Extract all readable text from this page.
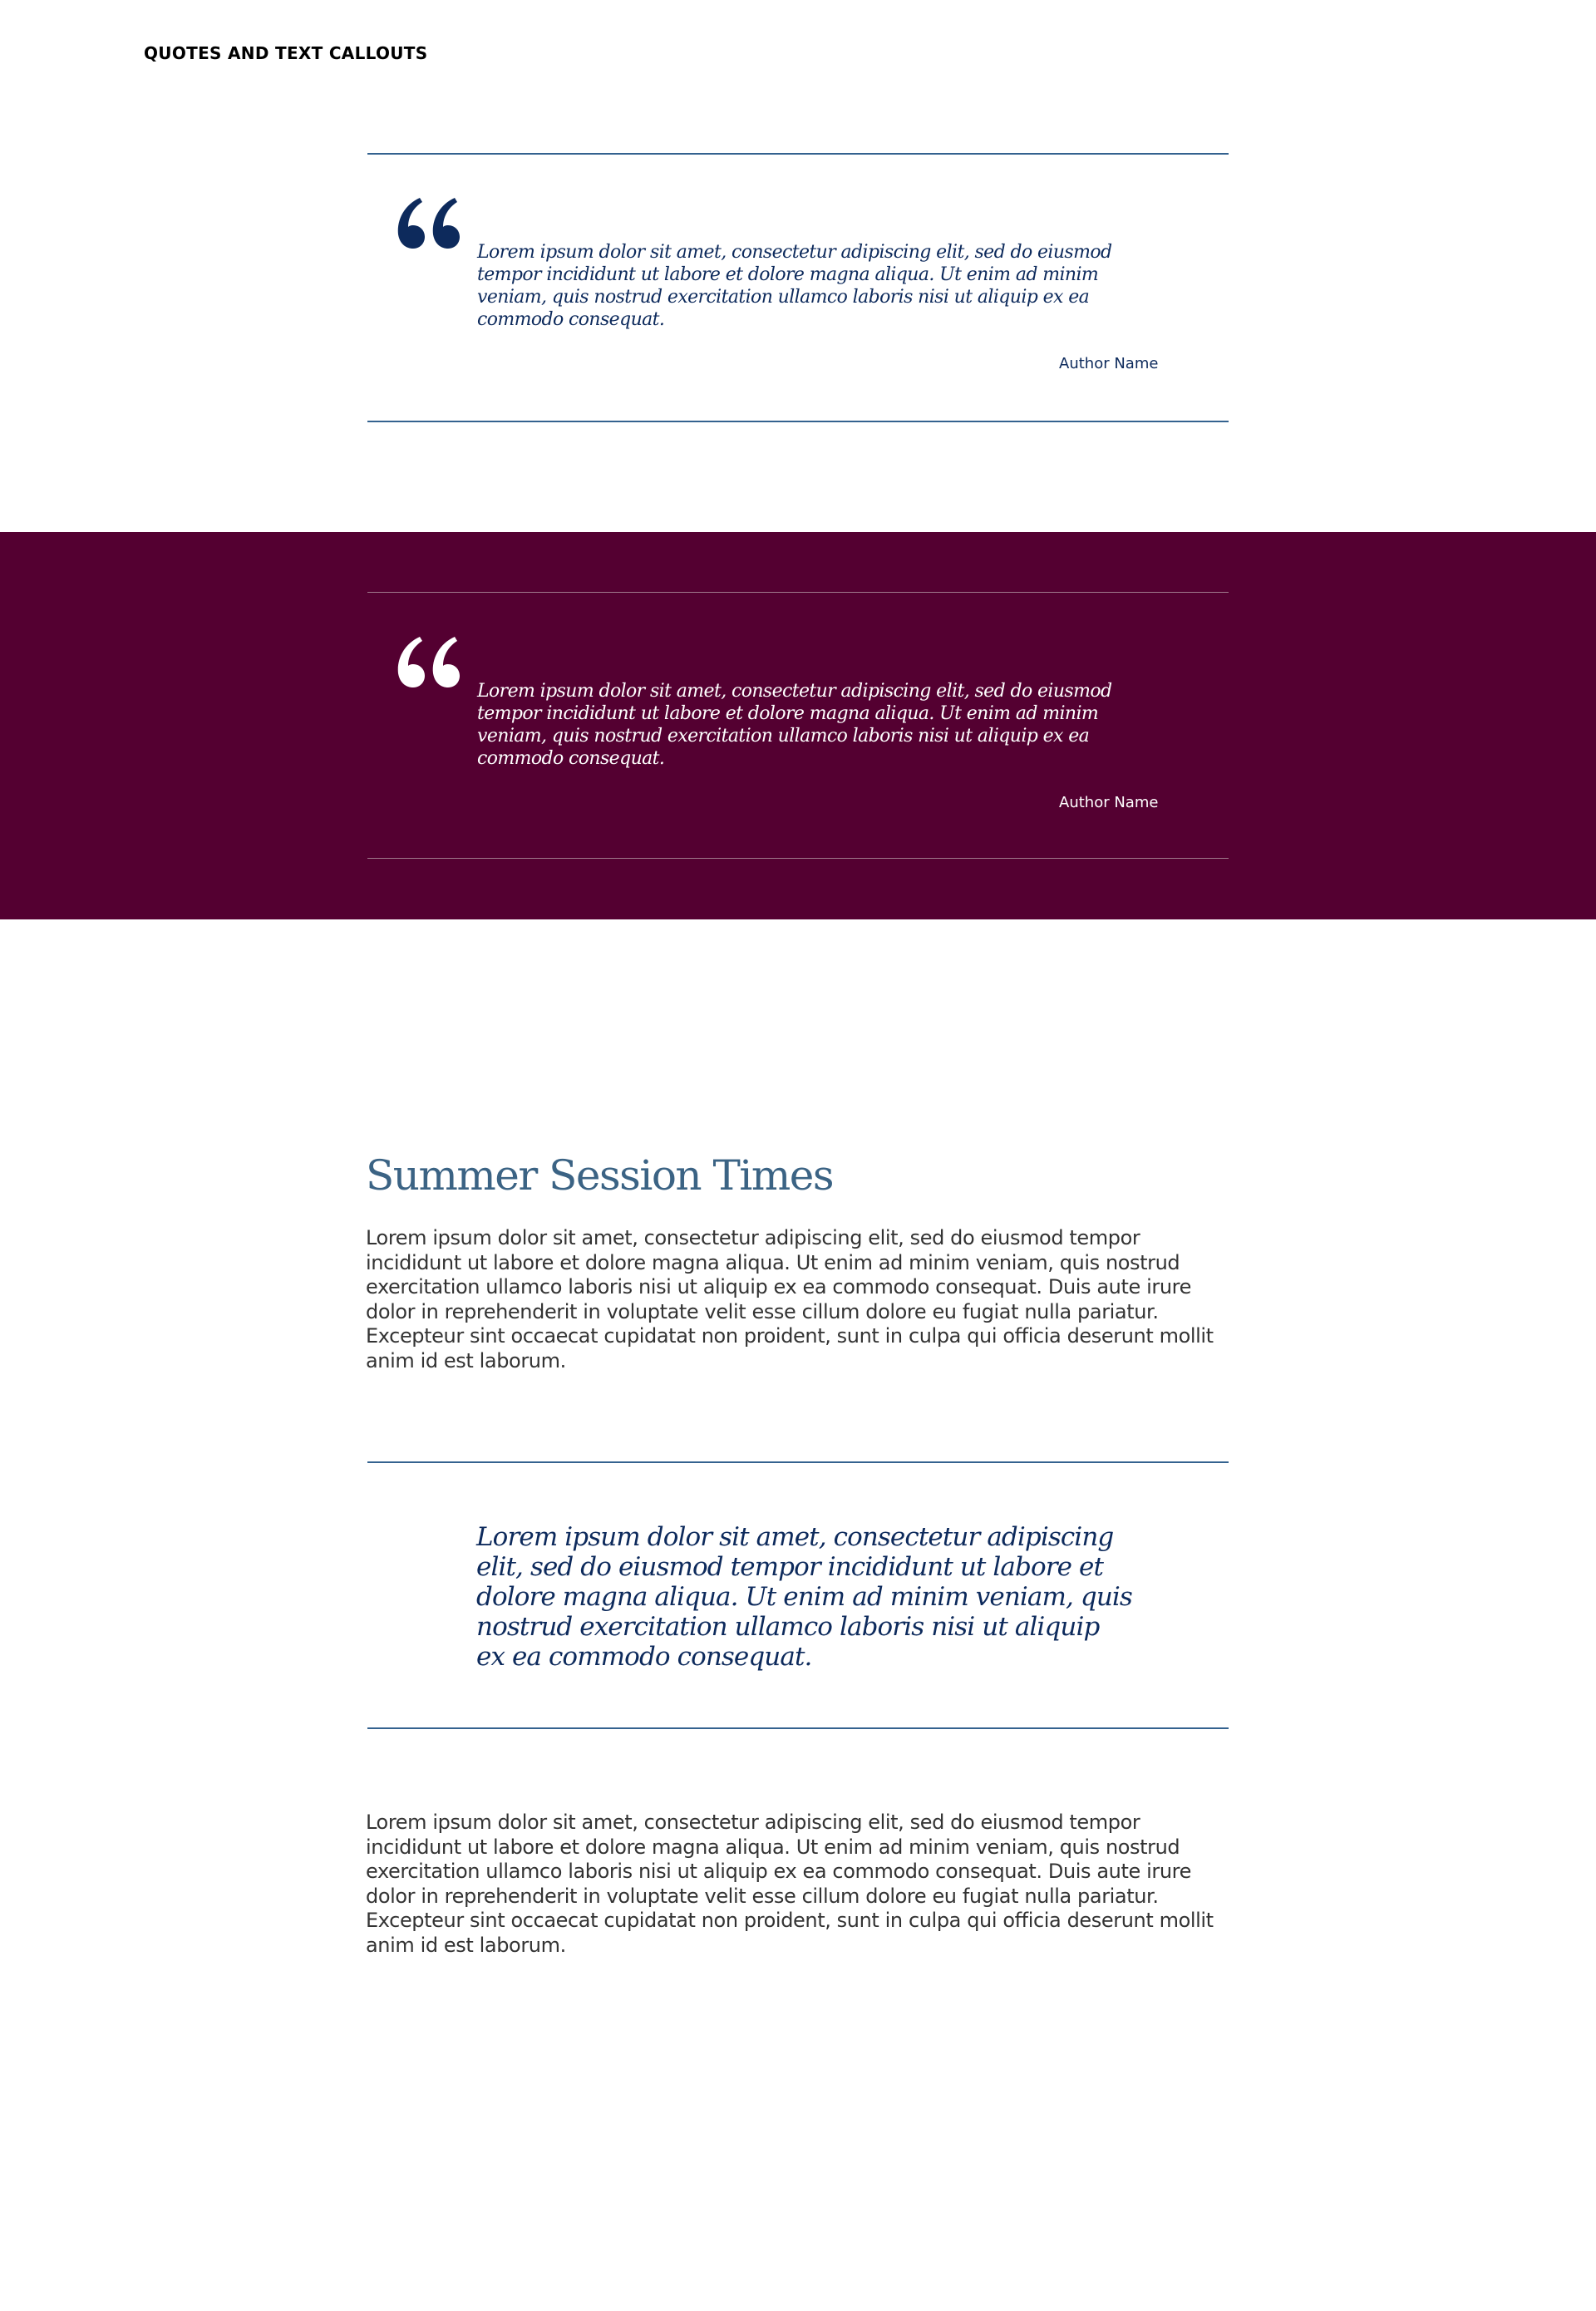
QUOTES AND TEXT CALLOUTS

Lorem ipsum dolor sit amet, consectetur adipiscing elit, sed do eiusmod tempor incididunt ut labore et dolore magna aliqua. Ut enim ad minim veniam, quis nostrud exercitation ullamco laboris nisi ut aliquip ex ea commodo consequat.

Author Name

Lorem ipsum dolor sit amet, consectetur adipiscing elit, sed do eiusmod tempor incididunt ut labore et dolore magna aliqua. Ut enim ad minim veniam, quis nostrud exercitation ullamco laboris nisi ut aliquip ex ea commodo consequat.

Author Name

Summer Session Times

Lorem ipsum dolor sit amet, consectetur adipiscing elit, sed do eiusmod tempor incididunt ut labore et dolore magna aliqua. Ut enim ad minim veniam, quis nostrud exercitation ullamco laboris nisi ut aliquip ex ea commodo consequat. Duis aute irure dolor in reprehenderit in voluptate velit esse cillum dolore eu fugiat nulla pariatur. Excepteur sint occaecat cupidatat non proident, sunt in culpa qui officia deserunt mollit anim id est laborum.

Lorem ipsum dolor sit amet, consectetur adipiscing elit, sed do eiusmod tempor incididunt ut labore et dolore magna aliqua. Ut enim ad minim veniam, quis nostrud exercitation ullamco laboris nisi ut aliquip ex ea commodo consequat.

Lorem ipsum dolor sit amet, consectetur adipiscing elit, sed do eiusmod tempor incididunt ut labore et dolore magna aliqua. Ut enim ad minim veniam, quis nostrud exercitation ullamco laboris nisi ut aliquip ex ea commodo consequat. Duis aute irure dolor in reprehenderit in voluptate velit esse cillum dolore eu fugiat nulla pariatur. Excepteur sint occaecat cupidatat non proident, sunt in culpa qui officia deserunt mollit anim id est laborum.
